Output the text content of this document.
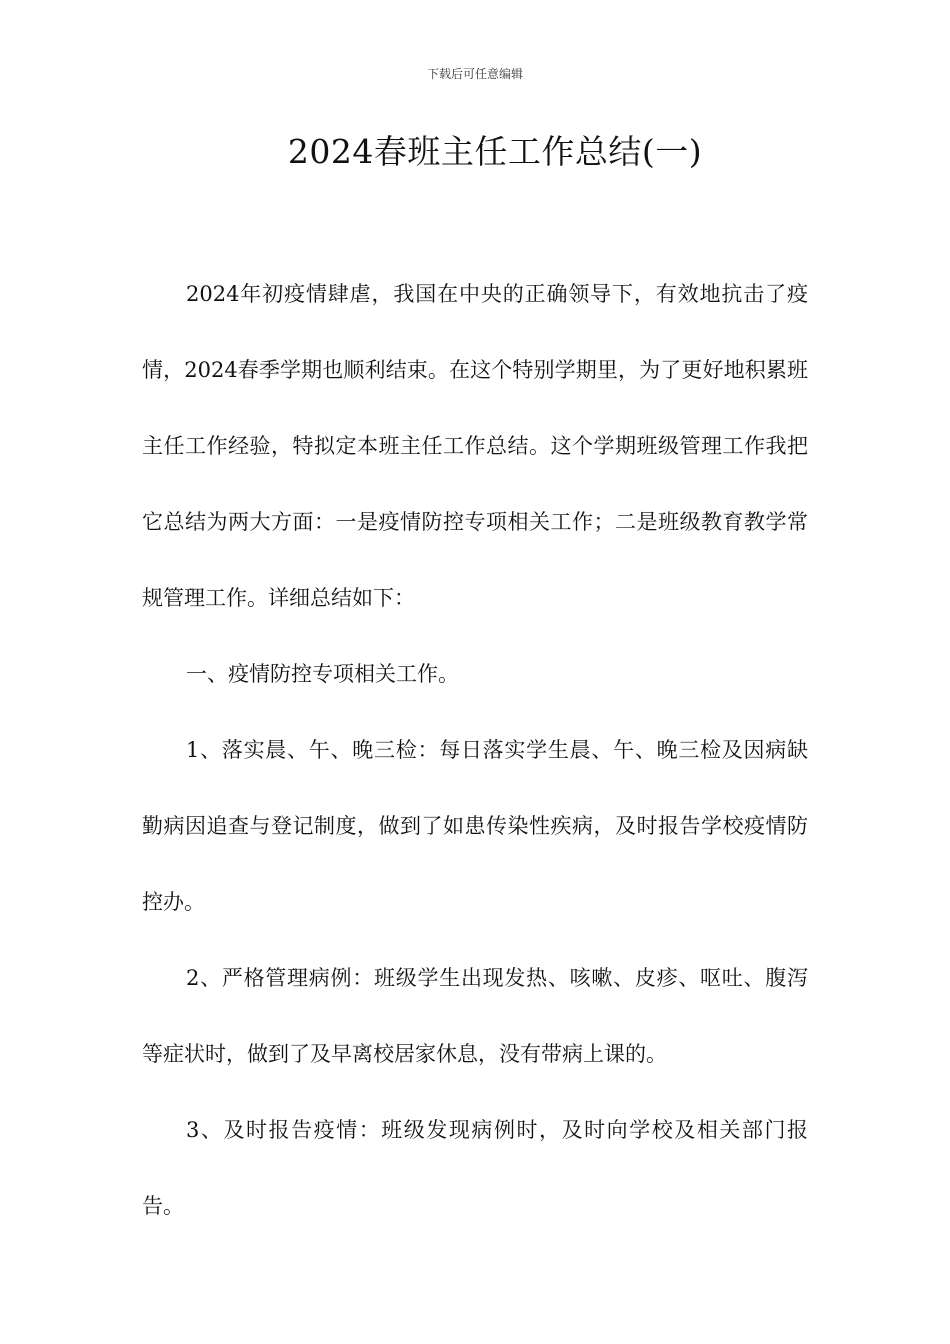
下载后可任意编辑
2024春班主任工作总结(一)

2024年初疫情肆虐，我国在中央的正确领导下，有效地抗击了疫情，2024春季学期也顺利结束。在这个特别学期里，为了更好地积累班主任工作经验，特拟定本班主任工作总结。这个学期班级管理工作我把它总结为两大方面：一是疫情防控专项相关工作；二是班级教育教学常规管理工作。详细总结如下：

一、疫情防控专项相关工作。

1、落实晨、午、晚三检：每日落实学生晨、午、晚三检及因病缺勤病因追查与登记制度，做到了如患传染性疾病，及时报告学校疫情防控办。

2、严格管理病例：班级学生出现发热、咳嗽、皮疹、呕吐、腹泻等症状时，做到了及早离校居家休息，没有带病上课的。

3、及时报告疫情：班级发现病例时，及时向学校及相关部门报告。
